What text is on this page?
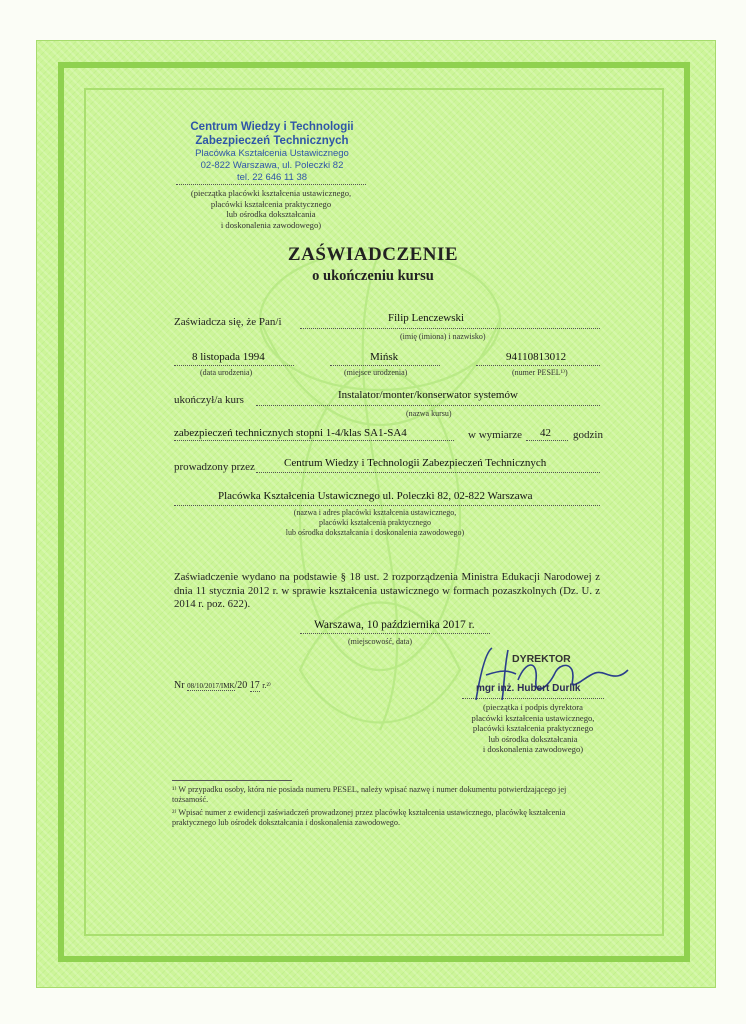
Centrum Wiedzy i Technologii
Zabezpieczeń Technicznych
Placówka Kształcenia Ustawicznego
02-822 Warszawa, ul. Poleczki 82
tel. 22 646 11 38
(pieczątka placówki kształcenia ustawicznego,
placówki kształcenia praktycznego
lub ośrodka dokształcania
i doskonalenia zawodowego)
ZAŚWIADCZENIE
o ukończeniu kursu
Zaświadcza się, że Pan/i	Filip Lenczewski
(imię (imiona) i nazwisko)
8 listopada 1994
(data urodzenia)
Mińsk
(miejsce urodzenia)
94110813012
(numer PESEL¹⁾)
ukończył/a kurs	Instalator/monter/konserwator systemów
(nazwa kursu)
zabezpieczeń technicznych stopni 1-4/klas SA1-SA4	w wymiarze 42 godzin
prowadzony przez	Centrum Wiedzy i Technologii Zabezpieczeń Technicznych
Placówka Kształcenia Ustawicznego ul. Poleczki 82, 02-822 Warszawa
(nazwa i adres placówki kształcenia ustawicznego,
placówki kształcenia praktycznego
lub ośrodka dokształcania i doskonalenia zawodowego)
Zaświadczenie wydano na podstawie § 18 ust. 2 rozporządzenia Ministra Edukacji Narodowej z dnia 11 stycznia 2012 r. w sprawie kształcenia ustawicznego w formach pozaszkolnych (Dz. U. z 2014 r. poz. 622).
Warszawa, 10 października 2017 r.
(miejscowość, data)
Nr 08/10/2017/IMK/20 17 r.²⁾
DYREKTOR
mgr inż. Hubert Durlik
(pieczątka i podpis dyrektora
placówki kształcenia ustawicznego,
placówki kształcenia praktycznego
lub ośrodka dokształcania
i doskonalenia zawodowego)
¹⁾ W przypadku osoby, która nie posiada numeru PESEL, należy wpisać nazwę i numer dokumentu potwierdzającego jej tożsamość.
²⁾ Wpisać numer z ewidencji zaświadczeń prowadzonej przez placówkę kształcenia ustawicznego, placówkę kształcenia praktycznego lub ośrodek dokształcania i doskonalenia zawodowego.
